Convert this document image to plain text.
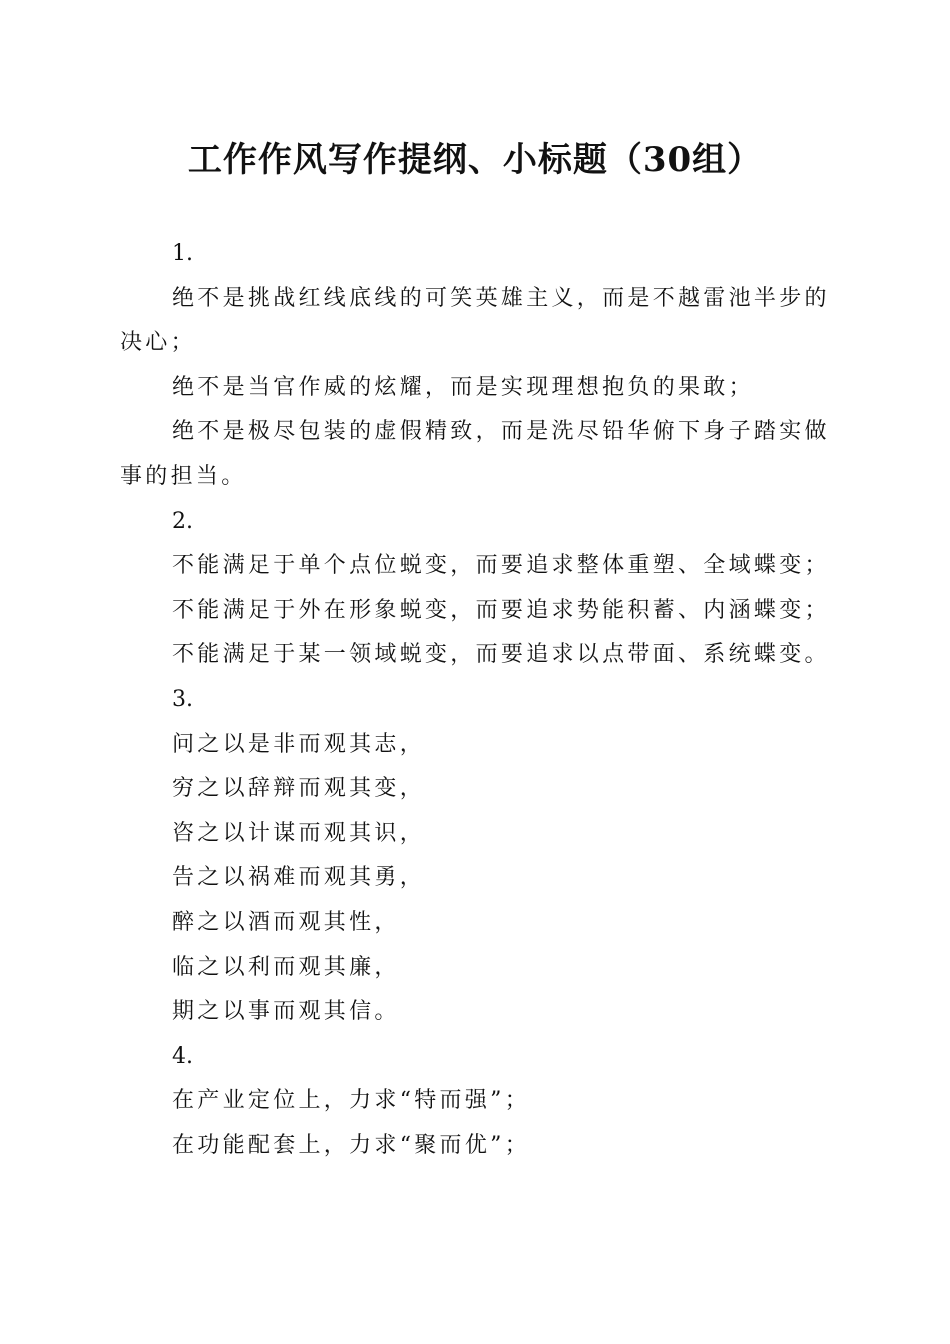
工作作风写作提纲、小标题（30组）

1.

绝不是挑战红线底线的可笑英雄主义，而是不越雷池半步的决心；

绝不是当官作威的炫耀，而是实现理想抱负的果敢；

绝不是极尽包装的虚假精致，而是洗尽铅华俯下身子踏实做事的担当。

2.

不能满足于单个点位蜕变，而要追求整体重塑、全域蝶变；

不能满足于外在形象蜕变，而要追求势能积蓄、内涵蝶变；

不能满足于某一领域蜕变，而要追求以点带面、系统蝶变。

3.

问之以是非而观其志，

穷之以辞辩而观其变，

咨之以计谋而观其识，

告之以祸难而观其勇，

醉之以酒而观其性，

临之以利而观其廉，

期之以事而观其信。

4.

在产业定位上，力求“特而强”；

在功能配套上，力求“聚而优”；
